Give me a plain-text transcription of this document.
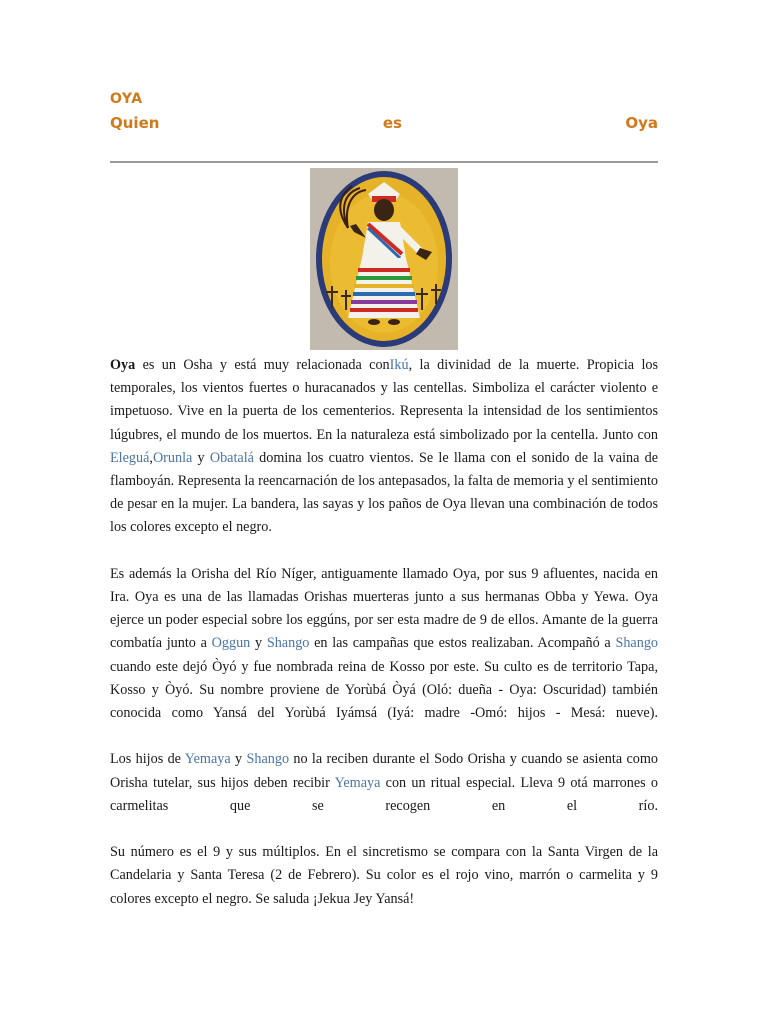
OYA
Quien	es	Oya

Oya es un Osha y está muy relacionada conIkú, la divinidad de la muerte. Propicia los temporales, los vientos fuertes o huracanados y las centellas. Simboliza el carácter violento e impetuoso. Vive en la puerta de los cementerios. Representa la intensidad de los sentimientos lúgubres, el mundo de los muertos. En la naturaleza está simbolizado por la centella. Junto con Eleguá,Orunla y Obatalá domina los cuatro vientos. Se le llama con el sonido de la vaina de flamboyán. Representa la reencarnación de los antepasados, la falta de memoria y el sentimiento de pesar en la mujer. La bandera, las sayas y los paños de Oya llevan una combinación de todos los colores excepto el negro.

Es además la Orisha del Río Níger, antiguamente llamado Oya, por sus 9 afluentes, nacida en Ira. Oya es una de las llamadas Orishas muerteras junto a sus hermanas Obba y Yewa. Oya ejerce un poder especial sobre los eggúns, por ser esta madre de 9 de ellos. Amante de la guerra combatía junto a Oggun y Shango en las campañas que estos realizaban. Acompañó a Shango cuando este dejó Òyó y fue nombrada reina de Kosso por este. Su culto es de territorio Tapa, Kosso y Òyó. Su nombre proviene de Yorùbá Òyá (Oló: dueña - Oya: Oscuridad) también conocida como Yansá del Yorùbá Iyámsá (Iyá: madre -Omó: hijos - Mesá: nueve).

Los hijos de Yemaya y Shango no la reciben durante el Sodo Orisha y cuando se asienta como Orisha tutelar, sus hijos deben recibir Yemaya con un ritual especial. Lleva 9 otá marrones o carmelitas que se recogen en el río.

Su número es el 9 y sus múltiplos. En el sincretismo se compara con la Santa Virgen de la Candelaria y Santa Teresa (2 de Febrero). Su color es el rojo vino, marrón o carmelita y 9 colores excepto el negro. Se saluda ¡Jekua Jey Yansá!
